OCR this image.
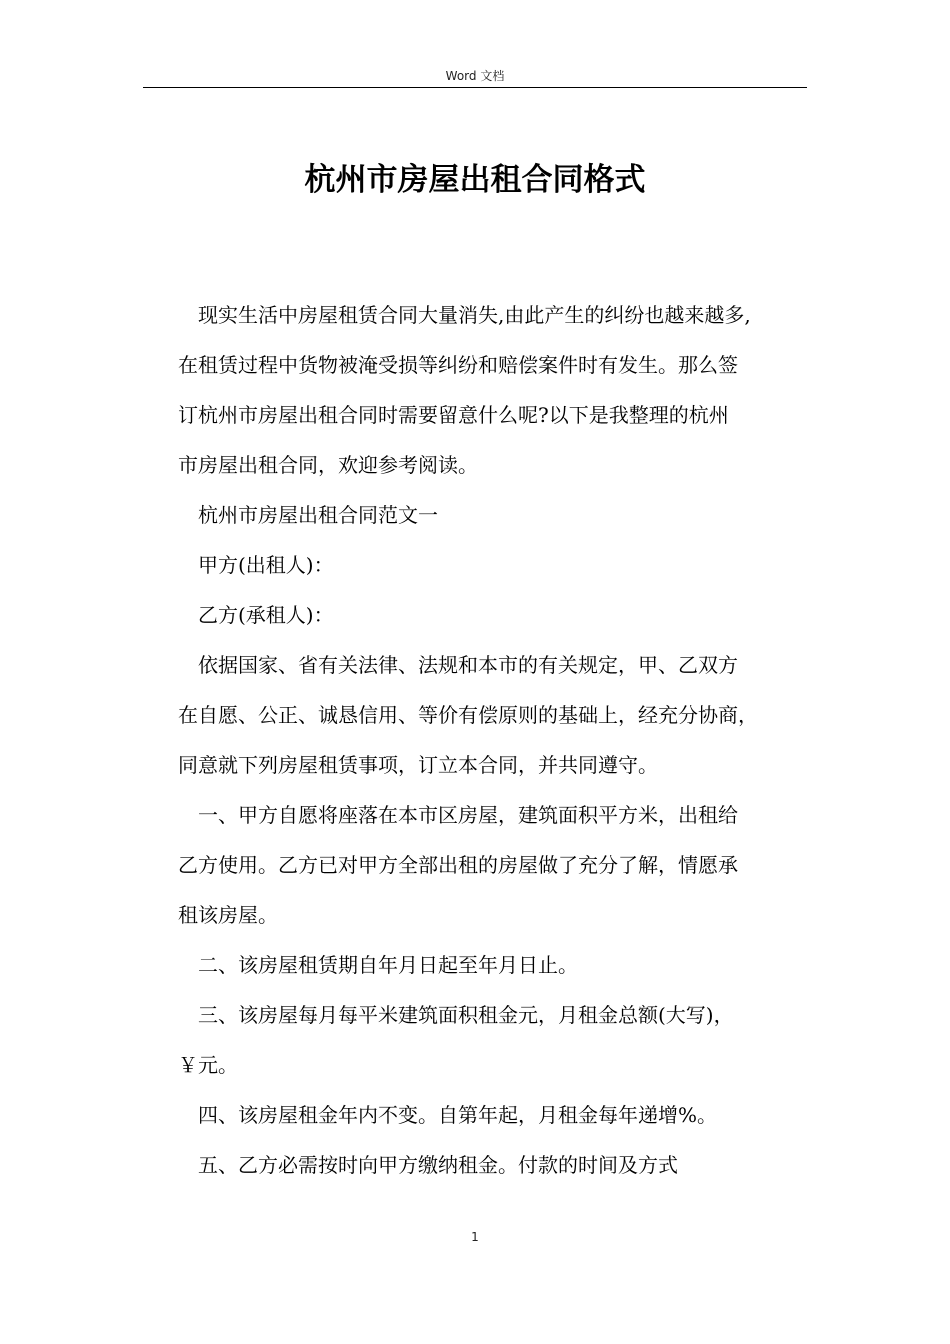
Word 文档
杭州市房屋出租合同格式

现实生活中房屋租赁合同大量消失,由此产生的纠纷也越来越多,
在租赁过程中货物被淹受损等纠纷和赔偿案件时有发生。那么签
订杭州市房屋出租合同时需要留意什么呢?以下是我整理的杭州
市房屋出租合同，欢迎参考阅读。

杭州市房屋出租合同范文一

甲方(出租人)：

乙方(承租人)：

依据国家、省有关法律、法规和本市的有关规定，甲、乙双方
在自愿、公正、诚恳信用、等价有偿原则的基础上，经充分协商，
同意就下列房屋租赁事项，订立本合同，并共同遵守。

一、甲方自愿将座落在本市区房屋，建筑面积平方米，出租给
乙方使用。乙方已对甲方全部出租的房屋做了充分了解，情愿承
租该房屋。

二、该房屋租赁期自年月日起至年月日止。

三、该房屋每月每平米建筑面积租金元，月租金总额(大写)，
￥元。

四、该房屋租金年内不变。自第年起，月租金每年递增%。

五、乙方必需按时向甲方缴纳租金。付款的时间及方式

1
